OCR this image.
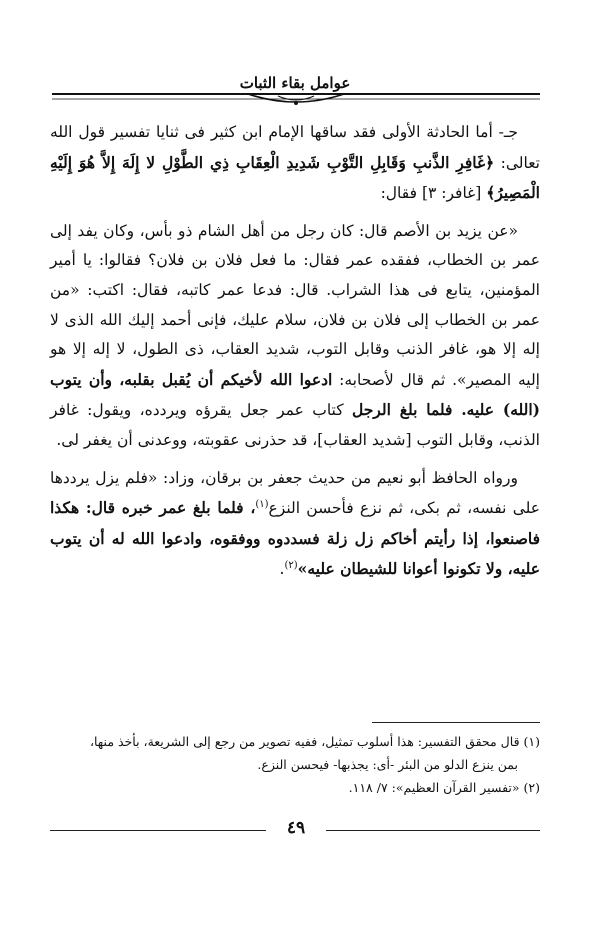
عوامل بقاء الثبات

جـ- أما الحادثة الأولى فقد ساقها الإمام ابن كثير فى ثنايا تفسير قول الله تعالى: ﴿غَافِرِ الذَّنبِ وَقَابِلِ التَّوْبِ شَدِيدِ الْعِقَابِ ذِي الطَّوْلِ لا إِلَهَ إِلاَّ هُوَ إِلَيْهِ الْمَصِيرُ﴾ [غافر: ٣] فقال:

«عن يزيد بن الأصم قال: كان رجل من أهل الشام ذو بأس، وكان يفد إلى عمر بن الخطاب، ففقده عمر فقال: ما فعل فلان بن فلان؟ فقالوا: يا أمير المؤمنين، يتابع فى هذا الشراب. قال: فدعا عمر كاتبه، فقال: اكتب: «من عمر بن الخطاب إلى فلان بن فلان، سلام عليك، فإنى أحمد إليك الله الذى لا إله إلا هو، غافر الذنب وقابل التوب، شديد العقاب، ذى الطول، لا إله إلا هو إليه المصير». ثم قال لأصحابه: ادعوا الله لأخيكم أن يُقبل بقلبه، وأن يتوب (الله) عليه. فلما بلغ الرجل كتاب عمر جعل يقرؤه ويردده، ويقول: غافر الذنب، وقابل التوب [شديد العقاب]، قد حذرنى عقوبته، ووعدنى أن يغفر لى.

ورواه الحافظ أبو نعيم من حديث جعفر بن برقان، وزاد: «فلم يزل يرددها على نفسه، ثم بكى، ثم نزع فأحسن النزع$^{(١)}$، فلما بلغ عمر خبره قال: هكذا فاصنعوا، إذا رأيتم أخاكم زل زلة فسددوه ووفقوه، وادعوا الله له أن يتوب عليه، ولا تكونوا أعوانا للشيطان عليه»$^{(٢)}$.

(١) قال محقق التفسير: هذا أسلوب تمثيل، ففيه تصوير من رجع إلى الشريعة، بأخذ منها،
بمن ينزع الدلو من البئر -أى: يجذبها- فيحسن النزع.
(٢) «تفسير القرآن العظيم»: ٧/ ١١٨.
٤٩
